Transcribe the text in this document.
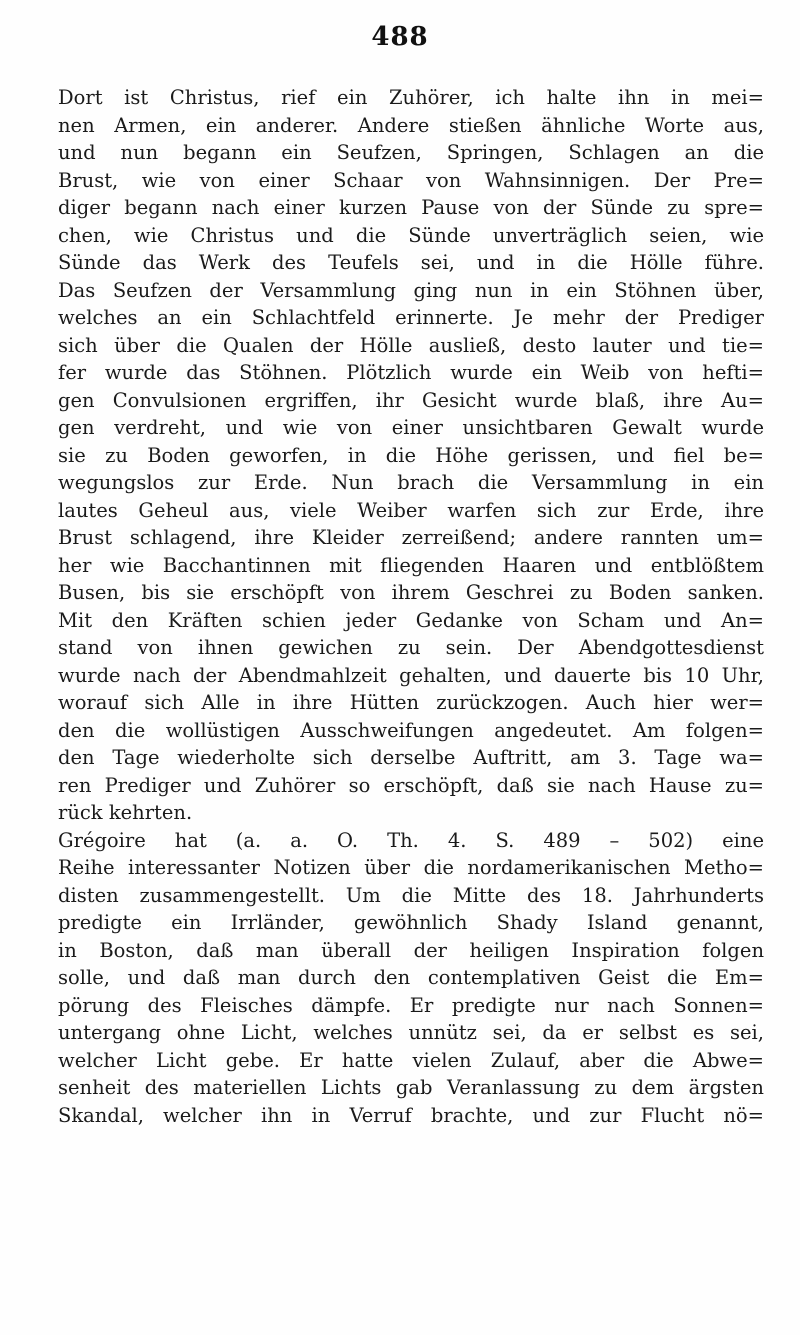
488
Dort ist Christus, rief ein Zuhörer, ich halte ihn in mei=
nen Armen, ein anderer. Andere stießen ähnliche Worte aus,
und nun begann ein Seufzen, Springen, Schlagen an die
Brust, wie von einer Schaar von Wahnsinnigen. Der Pre=
diger begann nach einer kurzen Pause von der Sünde zu spre=
chen, wie Christus und die Sünde unverträglich seien, wie
Sünde das Werk des Teufels sei, und in die Hölle führe.
Das Seufzen der Versammlung ging nun in ein Stöhnen über,
welches an ein Schlachtfeld erinnerte. Je mehr der Prediger
sich über die Qualen der Hölle ausließ, desto lauter und tie=
fer wurde das Stöhnen. Plötzlich wurde ein Weib von hefti=
gen Convulsionen ergriffen, ihr Gesicht wurde blaß, ihre Au=
gen verdreht, und wie von einer unsichtbaren Gewalt wurde
sie zu Boden geworfen, in die Höhe gerissen, und fiel be=
wegungslos zur Erde. Nun brach die Versammlung in ein
lautes Geheul aus, viele Weiber warfen sich zur Erde, ihre
Brust schlagend, ihre Kleider zerreißend; andere rannten um=
her wie Bacchantinnen mit fliegenden Haaren und entblößtem
Busen, bis sie erschöpft von ihrem Geschrei zu Boden sanken.
Mit den Kräften schien jeder Gedanke von Scham und An=
stand von ihnen gewichen zu sein. Der Abendgottesdienst
wurde nach der Abendmahlzeit gehalten, und dauerte bis 10 Uhr,
worauf sich Alle in ihre Hütten zurückzogen. Auch hier wer=
den die wollüstigen Ausschweifungen angedeutet. Am folgen=
den Tage wiederholte sich derselbe Auftritt, am 3. Tage wa=
ren Prediger und Zuhörer so erschöpft, daß sie nach Hause zu=
rück kehrten.
Grégoire hat (a. a. O. Th. 4. S. 489 – 502) eine
Reihe interessanter Notizen über die nordamerikanischen Metho=
disten zusammengestellt. Um die Mitte des 18. Jahrhunderts
predigte ein Irrländer, gewöhnlich Shady Island genannt,
in Boston, daß man überall der heiligen Inspiration folgen
solle, und daß man durch den contemplativen Geist die Em=
pörung des Fleisches dämpfe. Er predigte nur nach Sonnen=
untergang ohne Licht, welches unnütz sei, da er selbst es sei,
welcher Licht gebe. Er hatte vielen Zulauf, aber die Abwe=
senheit des materiellen Lichts gab Veranlassung zu dem ärgsten
Skandal, welcher ihn in Verruf brachte, und zur Flucht nö=
